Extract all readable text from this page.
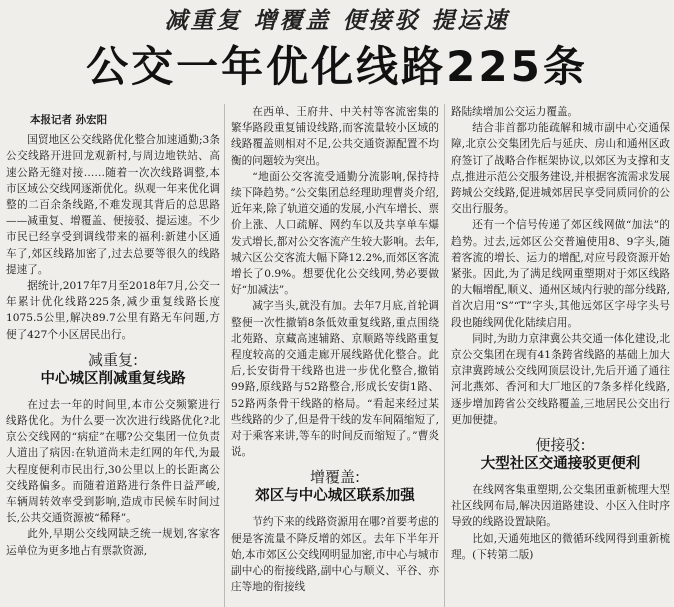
减重复 增覆盖 便接驳 提运速
公交一年优化线路225条
本报记者 孙宏阳

国贸地区公交线路优化整合加速通勤;3条公交线路开进回龙观新村,与周边地铁站、高速公路无缝对接……随着一次次线路调整,本市区域公交线网逐渐优化。纵观一年来优化调整的二百余条线路,不难发现其背后的总思路——减重复、增覆盖、便接驳、提运速。不少市民已经享受到调线带来的福利:新建小区通车了,郊区线路加密了,过去总要等很久的线路提速了。

据统计,2017年7月至2018年7月,公交一年累计优化线路225条,减少重复线路长度1075.5公里,解决89.7公里有路无车问题,方便了427个小区居民出行。

减重复:
中心城区削减重复线路

在过去一年的时间里,本市公交频繁进行线路优化。为什么要一次次进行线路优化?北京公交线网的“病症”在哪?公交集团一位负责人道出了病因:在轨道尚未走红网的年代,为最大程度便利市民出行,30公里以上的长距离公交线路偏多。而随着道路进行条件日益严峻,车辆周转效率受到影响,造成市民候车时间过长,公共交通资源被“稀释”。

此外,早期公交线网缺乏统一规划,客家客运单位为更多地占有票款资源,

在西单、王府井、中关村等客流密集的繁华路段重复铺设线路,而客流量较小区域的线路覆盖则相对不足,公共交通资源配置不均衡的问题较为突出。

“地面公交客流受通勤分流影响,保持持续下降趋势。”公交集团总经理助理曹炎介绍,近年来,除了轨道交通的发展,小汽车增长、票价上涨、人口疏解、网约车以及共享单车爆发式增长,都对公交客流产生较大影响。去年,城六区公交客流大幅下降12.2%,而郊区客流增长了0.9%。想要优化公交线网,势必要做好“加减法”。

减字当头,就没有加。去年7月底,首轮调整便一次性撤销8条低效重复线路,重点围绕北苑路、京藏高速辅路、京顺路等线路重复程度较高的交通走廊开展线路优化整合。此后,长安街骨干线路也进一步优化整合,撤销99路,原线路与52路整合,形成长安街1路、52路两条骨干线路的格局。“看起来经过某些线路的少了,但是骨干线的发车间隔缩短了,对于乘客来讲,等车的时间反而缩短了。”曹炎说。

增覆盖:
郊区与中心城区联系加强

节约下来的线路资源用在哪?首要考虑的便是客流量不降反增的郊区。去年下半年开始,本市郊区公交线网明显加密,市中心与城市副中心的衔接线路,副中心与顺义、平谷、亦庄等地的衔接线

路陆续增加公交运力覆盖。

结合非首都功能疏解和城市副中心交通保障,北京公交集团先后与延庆、房山和通州区政府签订了战略合作框架协议,以郊区为支撑和支点,推进示范公交服务建设,并根据客流需求发展跨城公交线路,促进城郊居民享受同质同价的公交出行服务。

还有一个信号传递了郊区线网做“加法”的趋势。过去,远郊区公交普遍使用8、9字头,随着客流的增长、运力的增配,对应号段资源开始紧张。因此,为了满足线网重塑期对于郊区线路的大幅增配,顺义、通州区域内行驶的部分线路,首次启用“S”“T”字头,其他远郊区字母字头号段也随线网优化陆续启用。

同时,为助力京津冀公共交通一体化建设,北京公交集团在现有41条跨省线路的基础上加大京津冀跨域公交线网顶层设计,先后开通了通往河北燕郊、香河和大厂地区的7条多样化线路,逐步增加跨省公交线路覆盖,三地居民公交出行更加便捷。

便接驳:
大型社区交通接驳更便利

在线网客集重塑期,公交集团重新梳理大型社区线网布局,解决因道路建设、小区入住时序导致的线路设置缺陷。

比如,天通苑地区的微循环线网得到重新梳理。(下转第二版)
